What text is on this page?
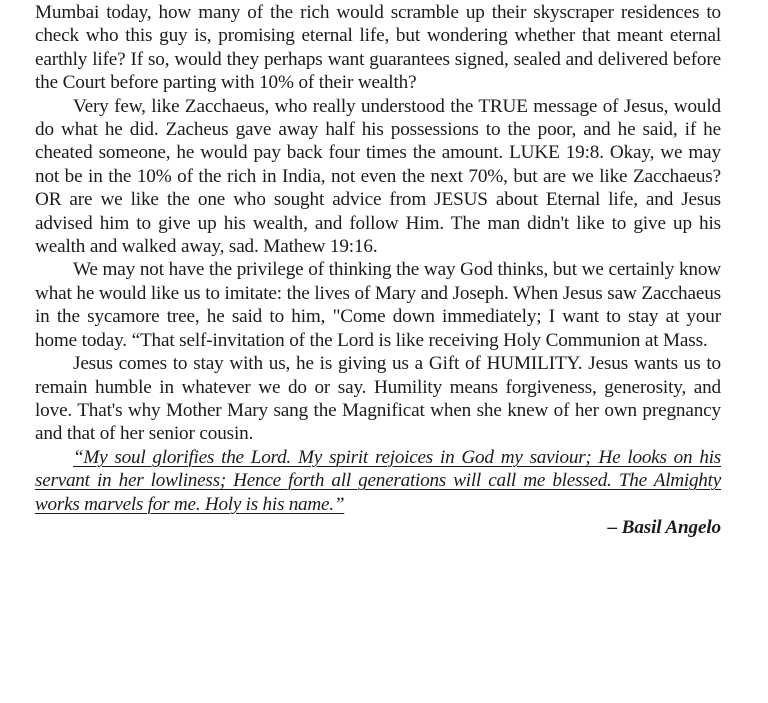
Mumbai today, how many of the rich would scramble up their skyscraper residences to check who this guy is, promising eternal life, but wondering whether that meant eternal earthly life? If so, would they perhaps want guarantees signed, sealed and delivered before the Court before parting with 10% of their wealth?

Very few, like Zacchaeus, who really understood the TRUE message of Jesus, would do what he did. Zacheus gave away half his possessions to the poor, and he said, if he cheated someone, he would pay back four times the amount. LUKE 19:8. Okay, we may not be in the 10% of the rich in India, not even the next 70%, but are we like Zacchaeus? OR are we like the one who sought advice from JESUS about Eternal life, and Jesus advised him to give up his wealth, and follow Him. The man didn't like to give up his wealth and walked away, sad. Mathew 19:16.

We may not have the privilege of thinking the way God thinks, but we certainly know what he would like us to imitate: the lives of Mary and Joseph. When Jesus saw Zacchaeus in the sycamore tree, he said to him, "Come down immediately; I want to stay at your home today. “That self-invitation of the Lord is like receiving Holy Communion at Mass.

Jesus comes to stay with us, he is giving us a Gift of HUMILITY. Jesus wants us to remain humble in whatever we do or say. Humility means forgiveness, generosity, and love. That's why Mother Mary sang the Magnificat when she knew of her own pregnancy and that of her senior cousin.

“My soul glorifies the Lord. My spirit rejoices in God my saviour; He looks on his servant in her lowliness; Hence forth all generations will call me blessed. The Almighty works marvels for me. Holy is his name.”

– Basil Angelo
